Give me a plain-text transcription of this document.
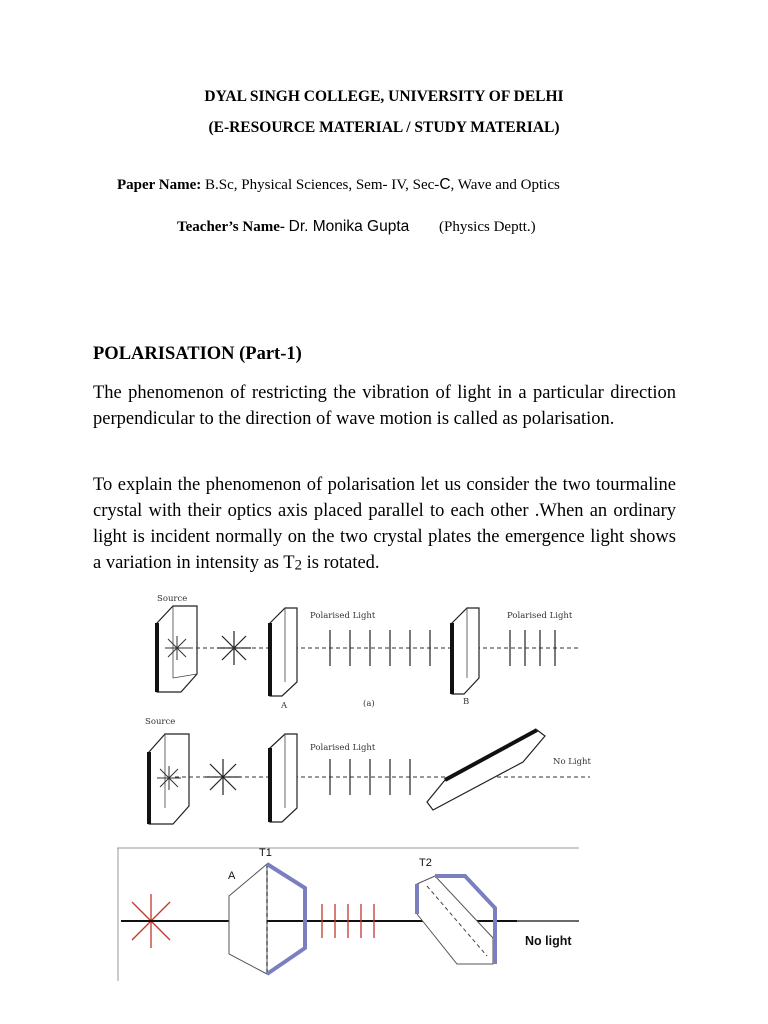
DYAL SINGH COLLEGE, UNIVERSITY OF DELHI
(E-RESOURCE MATERIAL / STUDY MATERIAL)
Paper Name: B.Sc, Physical Sciences, Sem- IV, Sec-C, Wave and Optics
Teacher’s Name- Dr. Monika Gupta (Physics Deptt.)
POLARISATION (Part-1)
The phenomenon of restricting the vibration of light in a particular direction perpendicular to the direction of wave motion is called as polarisation.
To explain the phenomenon of polarisation let us consider the two tourmaline crystal with their optics axis placed parallel to each other .When an ordinary light is incident normally on the two crystal plates the emergence light shows a variation in intensity as $T_2$ is rotated.
Source
A
Polarised Light
(a)	B
Polarised Light
Source
Polarised Light
No Light
T1
A
T2
No light
